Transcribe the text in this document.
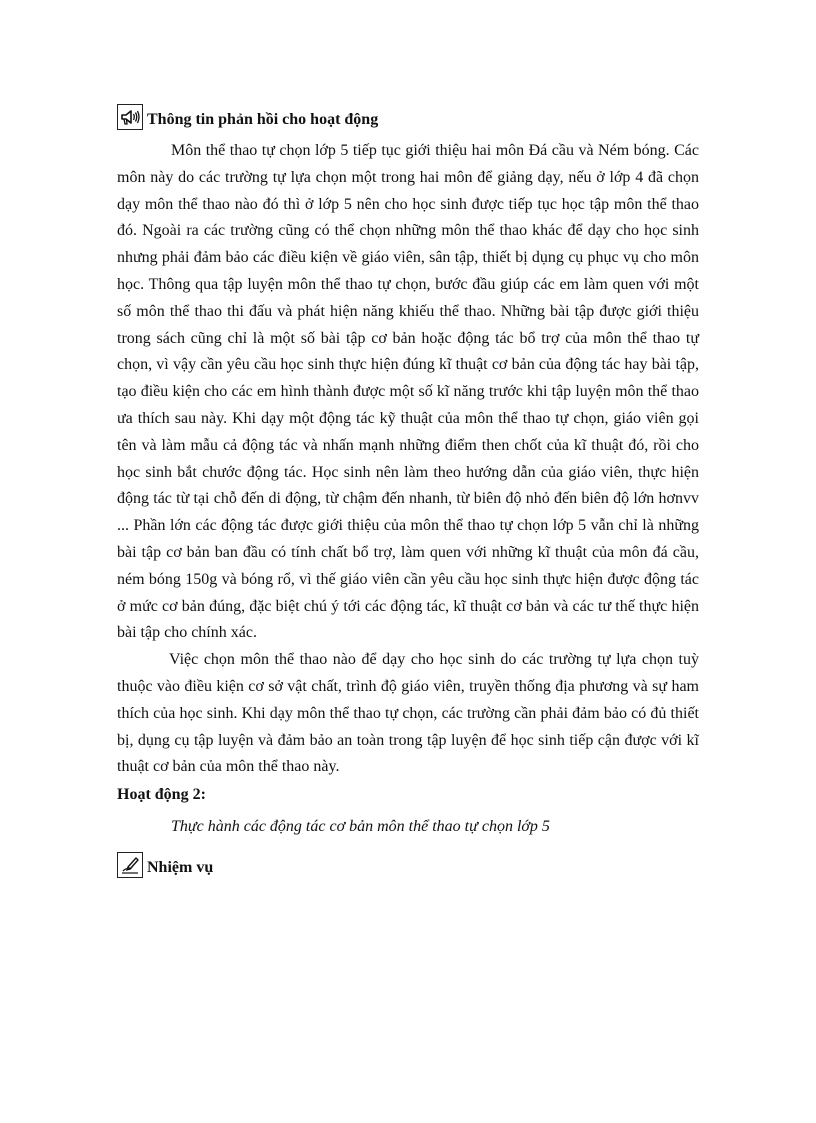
Thông tin phản hồi cho hoạt động

Môn thể thao tự chọn lớp 5 tiếp tục giới thiệu hai môn Đá cầu và Ném bóng. Các môn này do các trường tự lựa chọn một trong hai môn để giảng dạy, nếu ở lớp 4 đã chọn dạy môn thể thao nào đó thì ở lớp 5 nên cho học sinh được tiếp tục học tập môn thể thao đó. Ngoài ra các trường cũng có thể chọn những môn thể thao khác để dạy cho học sinh nhưng phải đảm bảo các điều kiện về giáo viên, sân tập, thiết bị dụng cụ phục vụ cho môn học. Thông qua tập luyện môn thể thao tự chọn, bước đầu giúp các em làm quen với một số môn thể thao thi đấu và phát hiện năng khiếu thể thao. Những bài tập được giới thiệu trong sách cũng chỉ là một số bài tập cơ bản hoặc động tác bổ trợ của môn thể thao tự chọn, vì vậy cần yêu cầu học sinh thực hiện đúng kĩ thuật cơ bản của động tác hay bài tập, tạo điều kiện cho các em hình thành được một số kĩ năng trước khi tập luyện môn thể thao ưa thích sau này. Khi dạy một động tác kỹ thuật của môn thể thao tự chọn, giáo viên gọi tên và làm mẫu cả động tác và nhấn mạnh những điểm then chốt của kĩ thuật đó, rồi cho học sinh bắt chước động tác. Học sinh nên làm theo hướng dẫn của giáo viên, thực hiện động tác từ tại chỗ đến di động, từ chậm đến nhanh, từ biên độ nhỏ đến biên độ lớn hơnvv ... Phần lớn các động tác được giới thiệu của môn thể thao tự chọn lớp 5 vẫn chỉ là những bài tập cơ bản ban đầu có tính chất bổ trợ, làm quen với những kĩ thuật của môn đá cầu, ném bóng 150g và bóng rổ, vì thế giáo viên cần yêu cầu học sinh thực hiện được động tác ở mức cơ bản đúng, đặc biệt chú ý tới các động tác, kĩ thuật cơ bản và các tư thế thực hiện bài tập cho chính xác.

Việc chọn môn thể thao nào để dạy cho học sinh do các trường tự lựa chọn tuỳ thuộc vào điều kiện cơ sở vật chất, trình độ giáo viên, truyền thống địa phương và sự ham thích của học sinh. Khi dạy môn thể thao tự chọn, các trường cần phải đảm bảo có đủ thiết bị, dụng cụ tập luyện và đảm bảo an toàn trong tập luyện để học sinh tiếp cận được với kĩ thuật cơ bản của môn thể thao này.

Hoạt động 2:
Thực hành các động tác cơ bản môn thể thao tự chọn lớp 5
Nhiệm vụ
